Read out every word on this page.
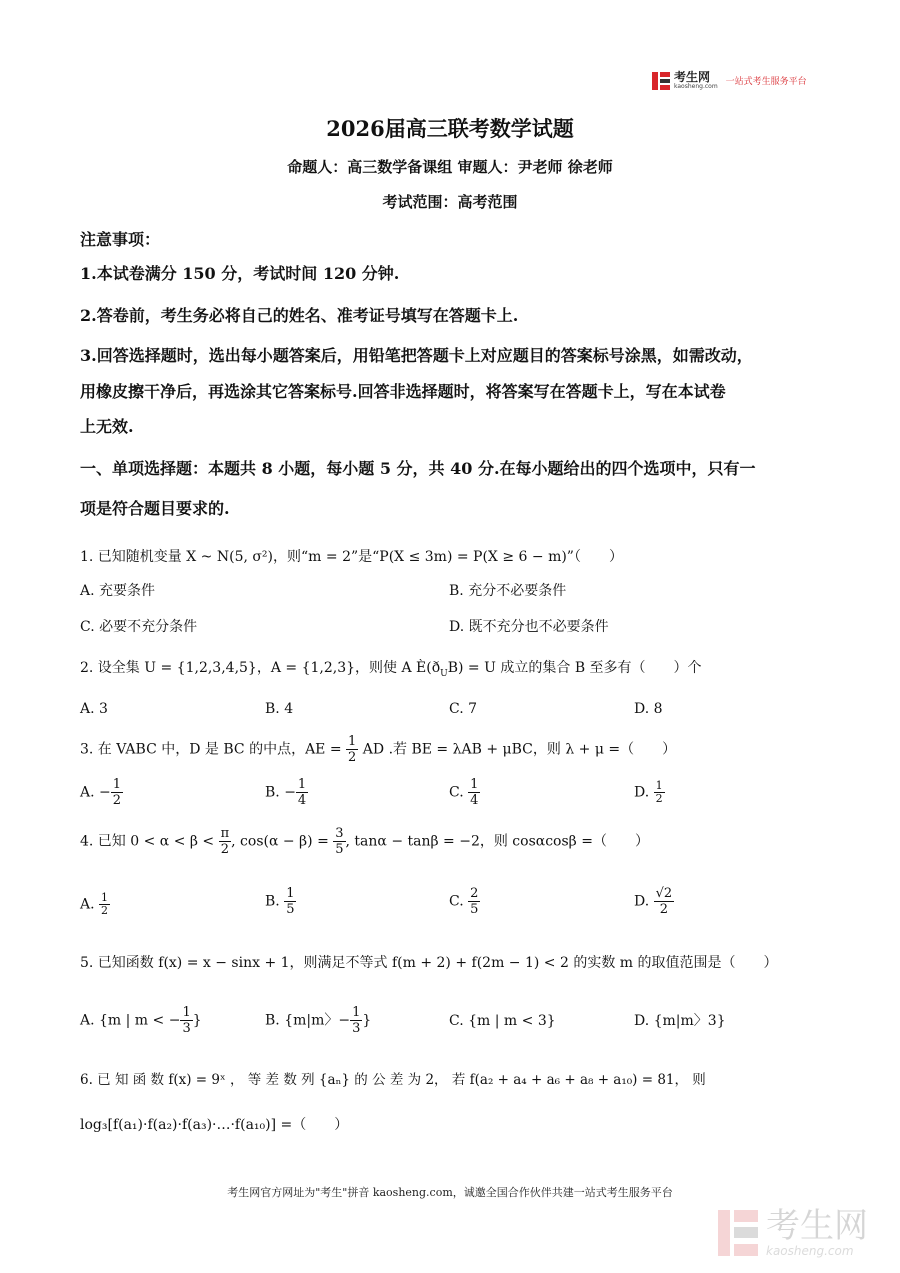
考生网
kaosheng.com 一站式考生服务平台
2026届高三联考数学试题
命题人：高三数学备课组 审题人：尹老师 徐老师
考试范围：高考范围
注意事项：
1.本试卷满分 150 分，考试时间 120 分钟.
2.答卷前，考生务必将自己的姓名、准考证号填写在答题卡上.
3.回答选择题时，选出每小题答案后，用铅笔把答题卡上对应题目的答案标号涂黑，如需改动，
用橡皮擦干净后，再选涂其它答案标号.回答非选择题时，将答案写在答题卡上，写在本试卷
上无效.
一、单项选择题：本题共 8 小题，每小题 5 分，共 40 分.在每小题给出的四个选项中，只有一
项是符合题目要求的.
1. 已知随机变量 X ~ N(5, σ²)，则“m = 2”是“P(X ≤ 3m) = P(X ≥ 6 − m)”（　　）
A. 充要条件	B. 充分不必要条件
C. 必要不充分条件	D. 既不充分也不必要条件
2. 设全集 U = {1,2,3,4,5}，A = {1,2,3}，则使 A $È(ð_UB) = U$ 成立的集合 B 至多有（　　）个
A. 3	B. 4	C. 7	D. 8
3. 在 VABC 中，D 是 BC 的中点，AE = $\frac{1}{2}$ AD .若 BE = λAB + μBC，则 λ + μ =（　　）
A. − $\frac{1}{2}$	B. − $\frac{1}{4}$	C. $\frac{1}{4}$	D. $\frac{1}{2}$
4. 已知 $0 < \alpha < \beta < \frac{\pi}{2}$ , $\cos(\alpha - \beta) = \frac{3}{5}$ , tanα − tanβ = −2，则 cosαcosβ =（　　）
A. $\frac{1}{2}$	B. $\frac{1}{5}$	C. $\frac{2}{5}$	D. $\frac{√2}{2}$
5. 已知函数 f(x) = x − sinx + 1，则满足不等式 f(m + 2) + f(2m − 1) < 2 的实数 m 的取值范围是（　　）
A. {m | m < − $\frac{1}{3}$ }	B. {m|m〉− $\frac{1}{3}$ }	C. {m | m < 3}	D. {m|m〉3}
6. 已 知 函 数 f(x) = 9ˣ ， 等 差 数 列 {aₙ} 的 公 差 为 2， 若 f(a₂ + a₄ + a₆ + a₈ + a₁₀) = 81， 则
log₃[f(a₁)·f(a₂)·f(a₃)·…·f(a₁₀)] =（　　）
考生网官方网址为"考生"拼音 kaosheng.com，诚邀全国合作伙伴共建一站式考生服务平台
考生网
kaosheng.com
